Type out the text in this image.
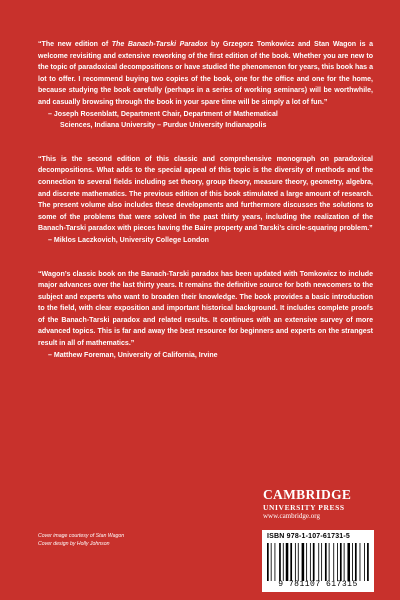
“The new edition of The Banach-Tarski Paradox by Grzegorz Tomkowicz and Stan Wagon is a welcome revisiting and extensive reworking of the first edition of the book. Whether you are new to the topic of paradoxical decompositions or have studied the phenomenon for years, this book has a lot to offer. I recommend buying two copies of the book, one for the office and one for the home, because studying the book carefully (perhaps in a series of working seminars) will be worthwhile, and casually browsing through the book in your spare time will be simply a lot of fun.”

– Joseph Rosenblatt, Department Chair, Department of Mathematical

Sciences, Indiana University – Purdue University Indianapolis

“This is the second edition of this classic and comprehensive monograph on paradoxical decompositions. What adds to the special appeal of this topic is the diversity of methods and the connection to several fields including set theory, group theory, measure theory, geometry, algebra, and discrete mathematics. The previous edition of this book stimulated a large amount of research. The present volume also includes these developments and furthermore discusses the solutions to some of the problems that were solved in the past thirty years, including the realization of the Banach-Tarski paradox with pieces having the Baire property and Tarski’s circle-squaring problem.”

– Miklos Laczkovich, University College London

“Wagon’s classic book on the Banach-Tarski paradox has been updated with Tomkowicz to include major advances over the last thirty years. It remains the definitive source for both newcomers to the subject and experts who want to broaden their knowledge. The book provides a basic introduction to the field, with clear exposition and important historical background. It includes complete proofs of the Banach-Tarski paradox and related results. It continues with an extensive survey of more advanced topics. This is far and away the best resource for beginners and experts on the strangest result in all of mathematics.”

– Matthew Foreman, University of California, Irvine

CAMBRIDGE
UNIVERSITY PRESS
www.cambridge.org
Cover image courtesy of Stan Wagon
Cover design by Holly Johnson
ISBN 978-1-107-61731-5
9 781107 617315
